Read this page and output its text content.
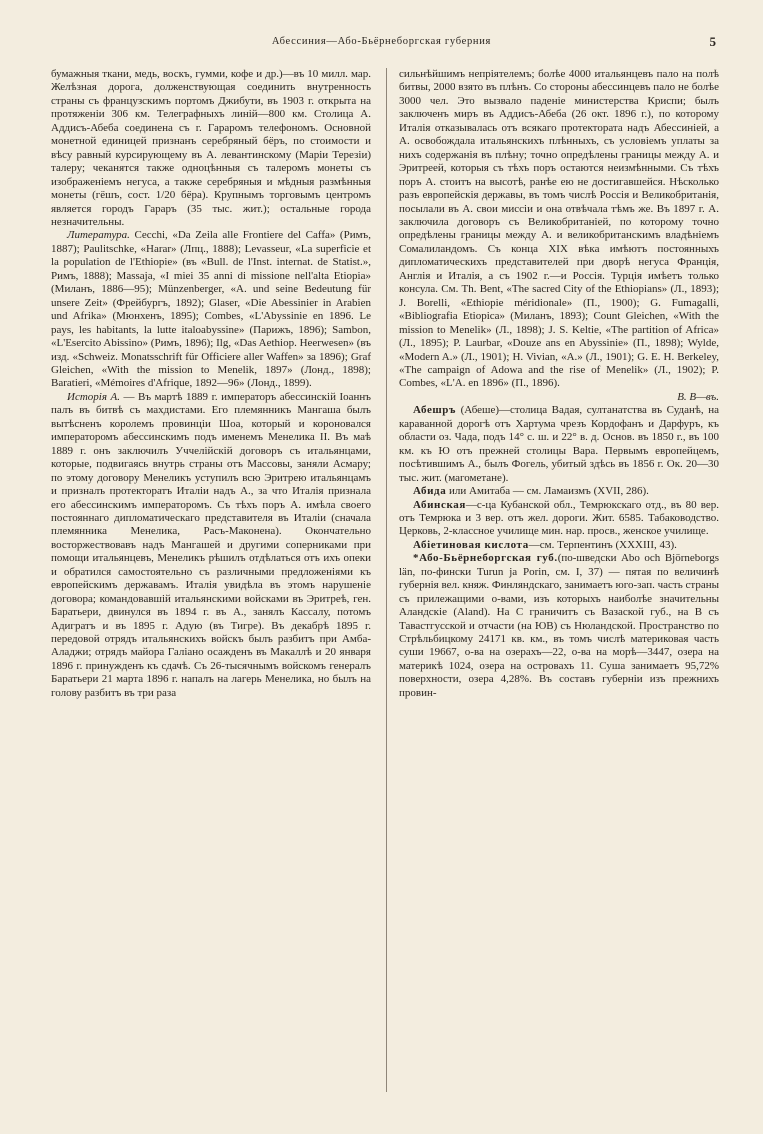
Абессиния—Або-Бьёрнеборгская губерния	5

бумажныя ткани, медь, воскъ, гумми, кофе и др.)—въ 10 милл. мар. Желѣзная дорога, долженствующая соединить внутренность страны съ французскимъ портомъ Джибути, въ 1903 г. открыта на протяженіи 306 км. Телеграфныхъ линій—800 км. Столица А. Аддисъ-Абеба соединена съ г. Гараромъ телефономъ. Основной монетной единицей признанъ серебряный бёръ, по стоимости и вѣсу равный курсирующему въ А. левантинскому (Маріи Терезіи) талеру; чеканятся также одноцѣнныя съ талеромъ монеты съ изображеніемъ негуса, а также серебряныя и мѣдныя размѣнныя монеты (гёшъ, сост. 1/20 бёра). Крупнымъ торговымъ центромъ является городъ Гараръ (35 тыс. жит.); остальные города незначительны.

Литература. Cecchi, «Da Zeila alle Frontiere del Caffa» (Римъ, 1887); Paulitschke, «Harar» (Лпц., 1888); Levasseur, «La superficie et la population de l'Ethiopie» (въ «Bull. de l'Inst. internat. de Statist.», Римъ, 1888); Massaja, «I miei 35 anni di missione nell'alta Etiopia» (Миланъ, 1886—95); Münzenberger, «A. und seine Bedeutung für unsere Zeit» (Фрейбургъ, 1892); Glaser, «Die Abessinier in Arabien und Afrika» (Мюнхенъ, 1895); Combes, «L'Abyssinie en 1896. Le pays, les habitants, la lutte italoabyssine» (Парижъ, 1896); Sambon, «L'Esercito Abissino» (Римъ, 1896); Ilg, «Das Aethiop. Heerwesen» (въ изд. «Schweiz. Monatsschrift für Officiere aller Waffen» за 1896); Graf Gleichen, «With the mission to Menelik, 1897» (Лонд., 1898); Baratieri, «Mémoires d'Afrique, 1892—96» (Лонд., 1899).

Исторія А. — Въ мартѣ 1889 г. императоръ абессинскій Іоаннъ палъ въ битвѣ съ махдистами. Его племянникъ Мангаша былъ вытѣсненъ королемъ провинціи Шоа, который и короновался императоромъ абессинскимъ подъ именемъ Менелика II. Въ маѣ 1889 г. онъ заключилъ Уччелійскій договоръ съ итальянцами, которые, подвигаясь внутрь страны отъ Массовы, заняли Асмару; по этому договору Менеликъ уступилъ всю Эритрею итальянцамъ и призналъ протекторатъ Италіи надъ А., за что Италія признала его абессинскимъ императоромъ. Съ тѣхъ поръ А. имѣла своего постояннаго дипломатическаго представителя въ Италіи (сначала племянника Менелика, Расъ-Маконена). Окончательно восторжествовавъ надъ Мангашей и другими соперниками при помощи итальянцевъ, Менеликъ рѣшилъ отдѣлаться отъ ихъ опеки и обратился самостоятельно съ различными предложеніями къ европейскимъ державамъ. Италія увидѣла въ этомъ нарушеніе договора; командовавшій итальянскими войсками въ Эритреѣ, ген. Баратьери, двинулся въ 1894 г. въ А., занялъ Кассалу, потомъ Адигратъ и въ 1895 г. Адую (въ Тигре). Въ декабрѣ 1895 г. передовой отрядъ итальянскихъ войскъ былъ разбитъ при Амба-Аладжи; отрядъ майора Галіано осажденъ въ Макаллѣ и 20 января 1896 г. принужденъ къ сдачѣ. Съ 26-тысячнымъ войскомъ генералъ Баратьери 21 марта 1896 г. напалъ на лагерь Менелика, но былъ на голову разбитъ въ три раза

сильнѣйшимъ непріятелемъ; болѣе 4000 итальянцевъ пало на полѣ битвы, 2000 взято въ плѣнъ. Со стороны абессинцевъ пало не болѣе 3000 чел. Это вызвало паденіе министерства Криспи; былъ заключенъ миръ въ Аддисъ-Абеба (26 окт. 1896 г.), по которому Италія отказывалась отъ всякаго протектората надъ Абессиніей, а А. освобождала итальянскихъ плѣнныхъ, съ условіемъ уплаты за нихъ содержанія въ плѣну; точно опредѣлены границы между А. и Эритреей, которыя съ тѣхъ поръ остаются неизмѣнными. Съ тѣхъ поръ А. стоитъ на высотѣ, ранѣе ею не достигавшейся. Нѣсколько разъ европейскія державы, въ томъ числѣ Россія и Великобританія, посылали въ А. свои миссіи и она отвѣчала тѣмъ же. Въ 1897 г. А. заключила договоръ съ Великобританіей, по которому точно опредѣлены границы между А. и великобританскимъ владѣніемъ Сомалиландомъ. Съ конца XIX вѣка имѣютъ постоянныхъ дипломатическихъ представителей при дворѣ негуса Франція, Англія и Италія, а съ 1902 г.—и Россія. Турція имѣетъ только консула. См. Th. Bent, «The sacred City of the Ethiopians» (Л., 1893); J. Borelli, «Ethiopie méridionale» (П., 1900); G. Fumagalli, «Bibliografia Etiopica» (Миланъ, 1893); Count Gleichen, «With the mission to Menelik» (Л., 1898); J. S. Keltie, «The partition of Africa» (Л., 1895); P. Laurbar, «Douze ans en Abyssinie» (П., 1898); Wylde, «Modern A.» (Л., 1901); H. Vivian, «A.» (Л., 1901); G. E. H. Berkeley, «The campaign of Adowa and the rise of Menelik» (Л., 1902); P. Combes, «L'A. en 1896» (П., 1896).
В. В—въ.

Абешръ (Абеше)—столица Вадая, султанатства въ Суданѣ, на караванной дорогѣ отъ Хартума чрезъ Кордофанъ и Дарфуръ, къ области оз. Чада, подъ 14° с. ш. и 22° в. д. Основ. въ 1850 г., въ 100 км. къ Ю отъ прежней столицы Вара. Первымъ европейцемъ, посѣтившимъ А., былъ Фогель, убитый здѣсь въ 1856 г. Ок. 20—30 тыс. жит. (магометане).

Абида или Амитаба — см. Ламаизмъ (XVII, 286).

Абинская—с-ца Кубанской обл., Темрюкскаго отд., въ 80 вер. отъ Темрюка и 3 вер. отъ жел. дороги. Жит. 6585. Табаководство. Церковь, 2-классное училище мин. нар. просв., женское училище.

Абіетиновая кислота—см. Терпентинъ (XXXIII, 43).

*Або-Бьёрнеборгская губ.(по-шведски Abo och Björneborgs län, по-фински Turun ja Porin, см. I, 37) — пятая по величинѣ губернія вел. княж. Финляндскаго, занимаетъ юго-зап. часть страны съ прилежащими о-вами, изъ которыхъ наиболѣе значительны Аландскіе (Aland). На С граничитъ съ Вазаской губ., на В съ Тавастгусской и отчасти (на ЮВ) съ Нюландской. Пространство по Стрѣльбицкому 24171 кв. км., въ томъ числѣ материковая часть суши 19667, о-ва на озерахъ—22, о-ва на морѣ—3447, озера на материкѣ 1024, озера на островахъ 11. Суша занимаетъ 95,72% поверхности, озера 4,28%. Въ составъ губерніи изъ прежнихъ провин-
